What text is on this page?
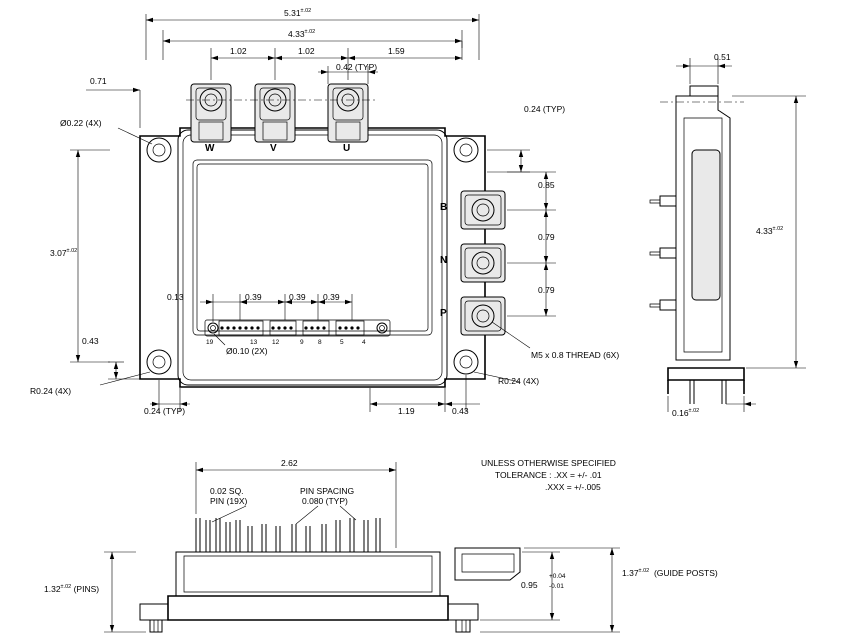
$5.31^{\pm.02}$
$4.33^{\pm.02}$
1.02	1.02	1.59
0.42 (TYP)
0.71
Ø0.22 (4X)
$3.07^{\pm.02}$
0.43
R0.24 (4X)
R0.24 (4X)
0.24 (TYP)	1.19	0.43
0.13	0.39	0.39 0.39
Ø0.10 (2X)
0.24 (TYP)
0.85
0.79
0.79
M5 x 0.8 THREAD (6X)
W	V	U
B
N
P
19	13 12	9 8	5	4
0.51
$4.33^{\pm.02}$
$0.16^{\pm.02}$
2.62
0.02 SQ.
PIN (19X)
PIN SPACING
0.080 (TYP)
$1.32^{\pm.02}$ (PINS)
$1.37^{\pm.02}$ (GUIDE POSTS)
0.95
+0.04
-0.01
UNLESS OTHERWISE SPECIFIED
TOLERANCE : .XX = +/- .01
.XXX = +/-.005
